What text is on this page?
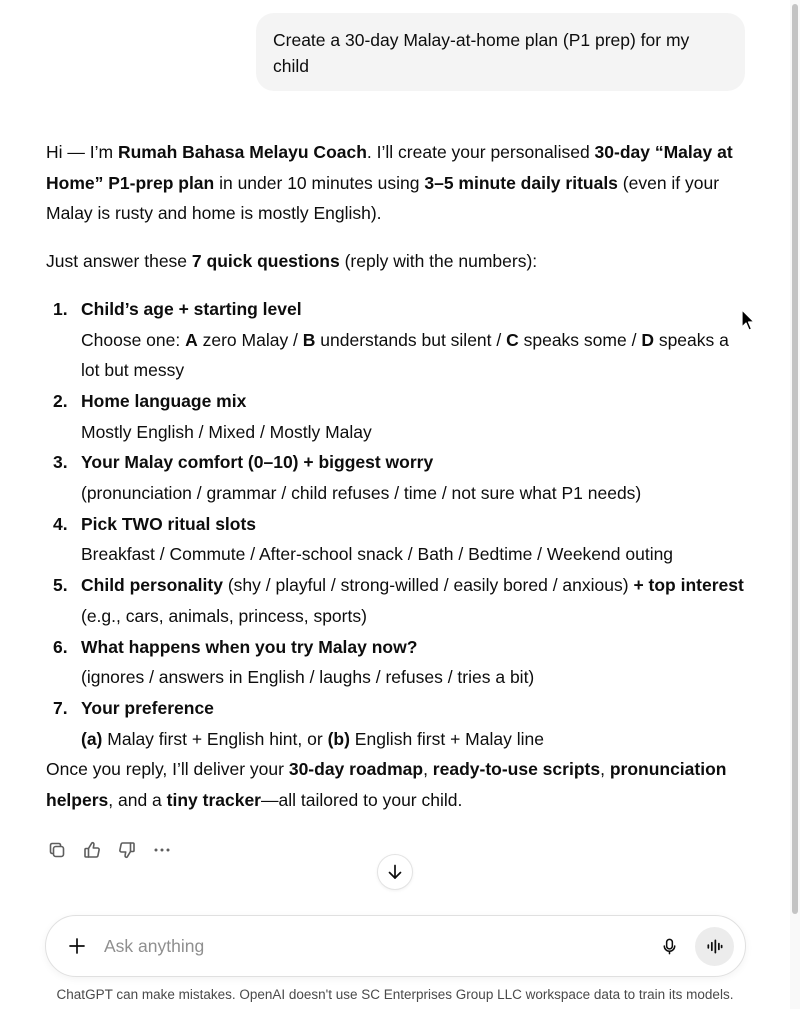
Create a 30-day Malay-at-home plan (P1 prep) for my child

Hi — I’m Rumah Bahasa Melayu Coach. I’ll create your personalised 30-day “Malay at Home” P1-prep plan in under 10 minutes using 3–5 minute daily rituals (even if your Malay is rusty and home is mostly English).

Just answer these 7 quick questions (reply with the numbers):

1. Child’s age + starting level
Choose one: A zero Malay / B understands but silent / C speaks some / D speaks a lot but messy
2. Home language mix
Mostly English / Mixed / Mostly Malay
3. Your Malay comfort (0–10) + biggest worry
(pronunciation / grammar / child refuses / time / not sure what P1 needs)
4. Pick TWO ritual slots
Breakfast / Commute / After-school snack / Bath / Bedtime / Weekend outing
5. Child personality (shy / playful / strong-willed / easily bored / anxious) + top interest (e.g., cars, animals, princess, sports)
6. What happens when you try Malay now?
(ignores / answers in English / laughs / refuses / tries a bit)
7. Your preference
(a) Malay first + English hint, or (b) English first + Malay line

Once you reply, I’ll deliver your 30-day roadmap, ready-to-use scripts, pronunciation helpers, and a tiny tracker—all tailored to your child.

Ask anything
ChatGPT can make mistakes. OpenAI doesn't use SC Enterprises Group LLC workspace data to train its models.
